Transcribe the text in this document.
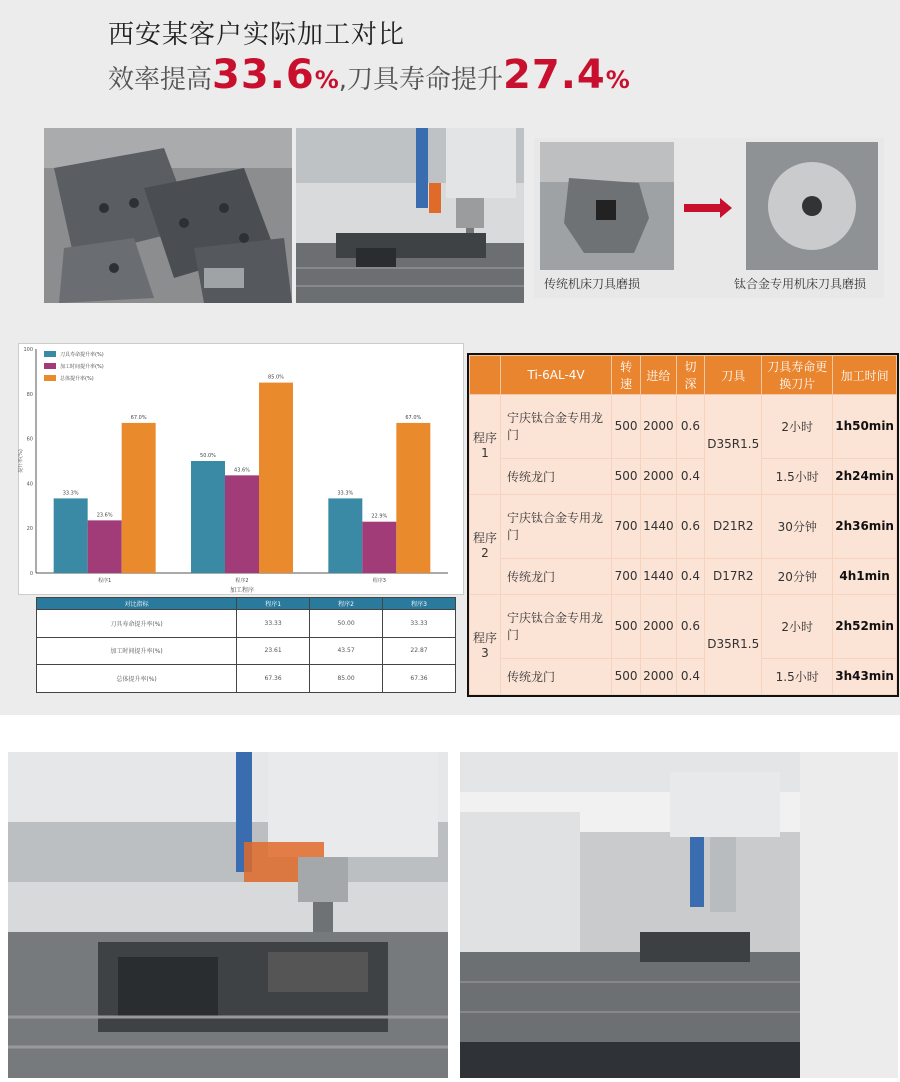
西安某客户实际加工对比
效率提高33.6%,刀具寿命提升27.4%
传统机床刀具磨损	钛合金专用机床刀具磨损
0
20
40
60
80
100
提升率(%)
33.3%
23.6%
67.0%
程序1
50.0%
43.6%
85.0%
程序2
33.3%
22.9%
67.0%
程序3
加工程序
刀具寿命提升率(%)
加工时间提升率(%)
总体提升率(%)
对比指标	程序1	程序2	程序3
刀具寿命提升率(%)	33.33	50.00	33.33
加工时间提升率(%)	23.61	43.57	22.87
总体提升率(%)	67.36	85.00	67.36
	Ti-6AL-4V	转速	进给	切深	刀具	刀具寿命更换刀片	加工时间
程序1	宁庆钛合金专用龙门	500	2000	0.6	D35R1.5	2小时	1h50min
	传统龙门	500	2000	0.4		1.5小时	2h24min
程序2	宁庆钛合金专用龙门	700	1440	0.6	D21R2	30分钟	2h36min
	传统龙门	700	1440	0.4	D17R2	20分钟	4h1min
程序3	宁庆钛合金专用龙门	500	2000	0.6	D35R1.5	2小时	2h52min
	传统龙门	500	2000	0.4		1.5小时	3h43min
